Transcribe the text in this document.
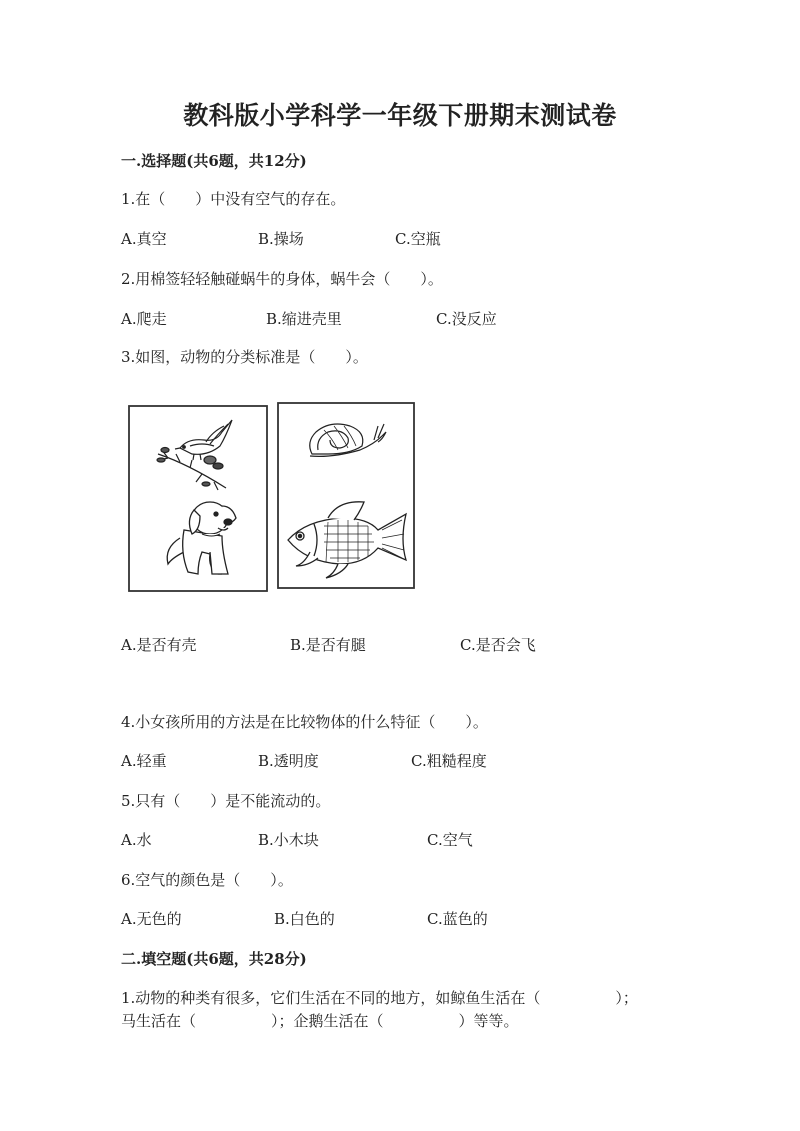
教科版小学科学一年级下册期末测试卷
一.选择题(共6题，共12分)
1.在（　　）中没有空气的存在。
A.真空	B.操场	C.空瓶
2.用棉签轻轻触碰蜗牛的身体，蜗牛会（　　）。
A.爬走	B.缩进壳里	C.没反应
3.如图，动物的分类标准是（　　）。
A.是否有壳	B.是否有腿	C.是否会飞
4.小女孩所用的方法是在比较物体的什么特征（　　）。
A.轻重	B.透明度	C.粗糙程度
5.只有（　　）是不能流动的。
A.水	B.小木块	C.空气
6.空气的颜色是（　　）。
A.无色的	B.白色的	C.蓝色的
二.填空题(共6题，共28分)
1.动物的种类有很多，它们生活在不同的地方，如鲸鱼生活在（　　　　　）；
马生活在（　　　　　）；企鹅生活在（　　　　　）等等。
